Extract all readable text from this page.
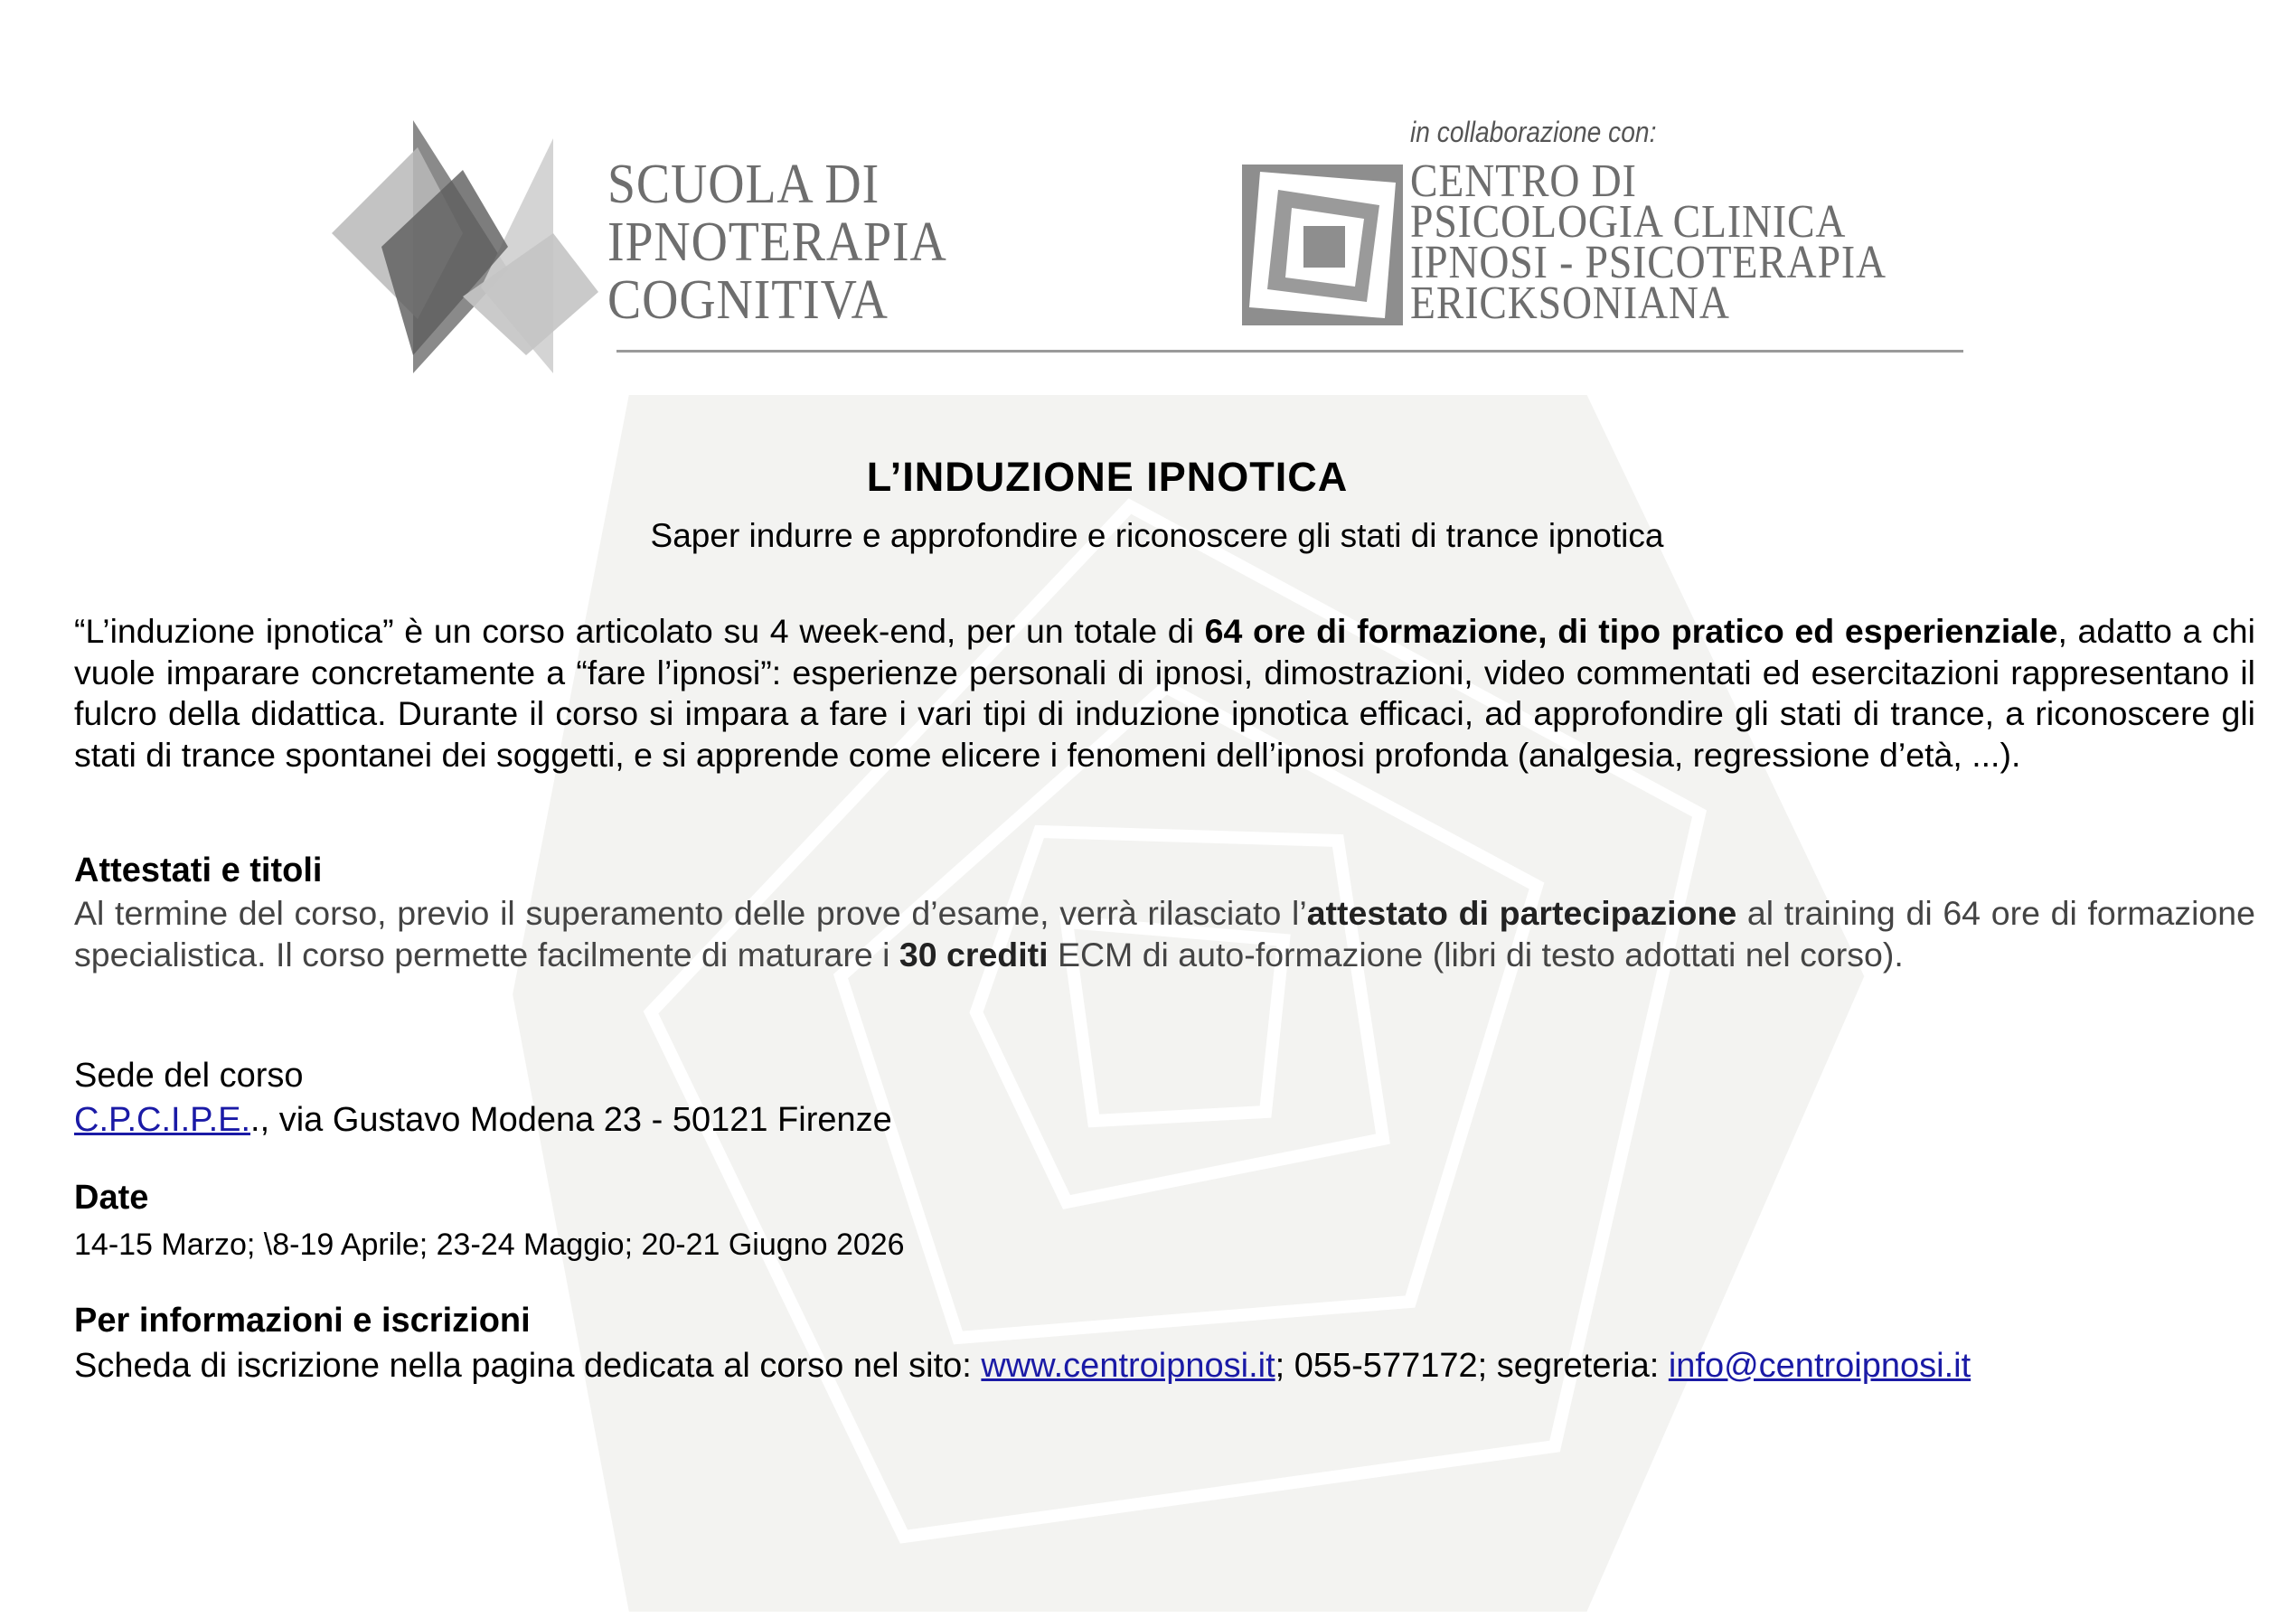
SCUOLA DI
IPNOTERAPIA
COGNITIVA
in collaborazione con:
CENTRO DI
PSICOLOGIA CLINICA
IPNOSI - PSICOTERAPIA
ERICKSONIANA
L’INDUZIONE IPNOTICA
Saper indurre e approfondire e riconoscere gli stati di trance ipnotica
“L’induzione ipnotica” è un corso articolato su 4 week-end, per un totale di 64 ore di formazione, di tipo pratico ed esperienziale, adatto a chi vuole imparare concretamente a “fare l’ipnosi”: esperienze personali di ipnosi, dimostrazioni, video commentati ed esercitazioni rappresentano il fulcro della didattica. Durante il corso si impara a fare i vari tipi di induzione ipnotica efficaci, ad approfondire gli stati di trance, a riconoscere gli stati di trance spontanei dei soggetti, e si apprende come elicere i fenomeni dell’ipnosi profonda (analgesia, regressione d’età, ...).
Attestati e titoli
Al termine del corso, previo il superamento delle prove d’esame, verrà rilasciato l’attestato di partecipazione al training di 64 ore di formazione specialistica. Il corso permette facilmente di maturare i 30 crediti ECM di auto-formazione (libri di testo adottati nel corso).
Sede del corso
C.P.C.I.P.E.., via Gustavo Modena 23 - 50121 Firenze
Date
14-15 Marzo; \8-19 Aprile; 23-24 Maggio; 20-21 Giugno 2026
Per informazioni e iscrizioni
Scheda di iscrizione nella pagina dedicata al corso nel sito: www.centroipnosi.it; 055-577172; segreteria: info@centroipnosi.it
